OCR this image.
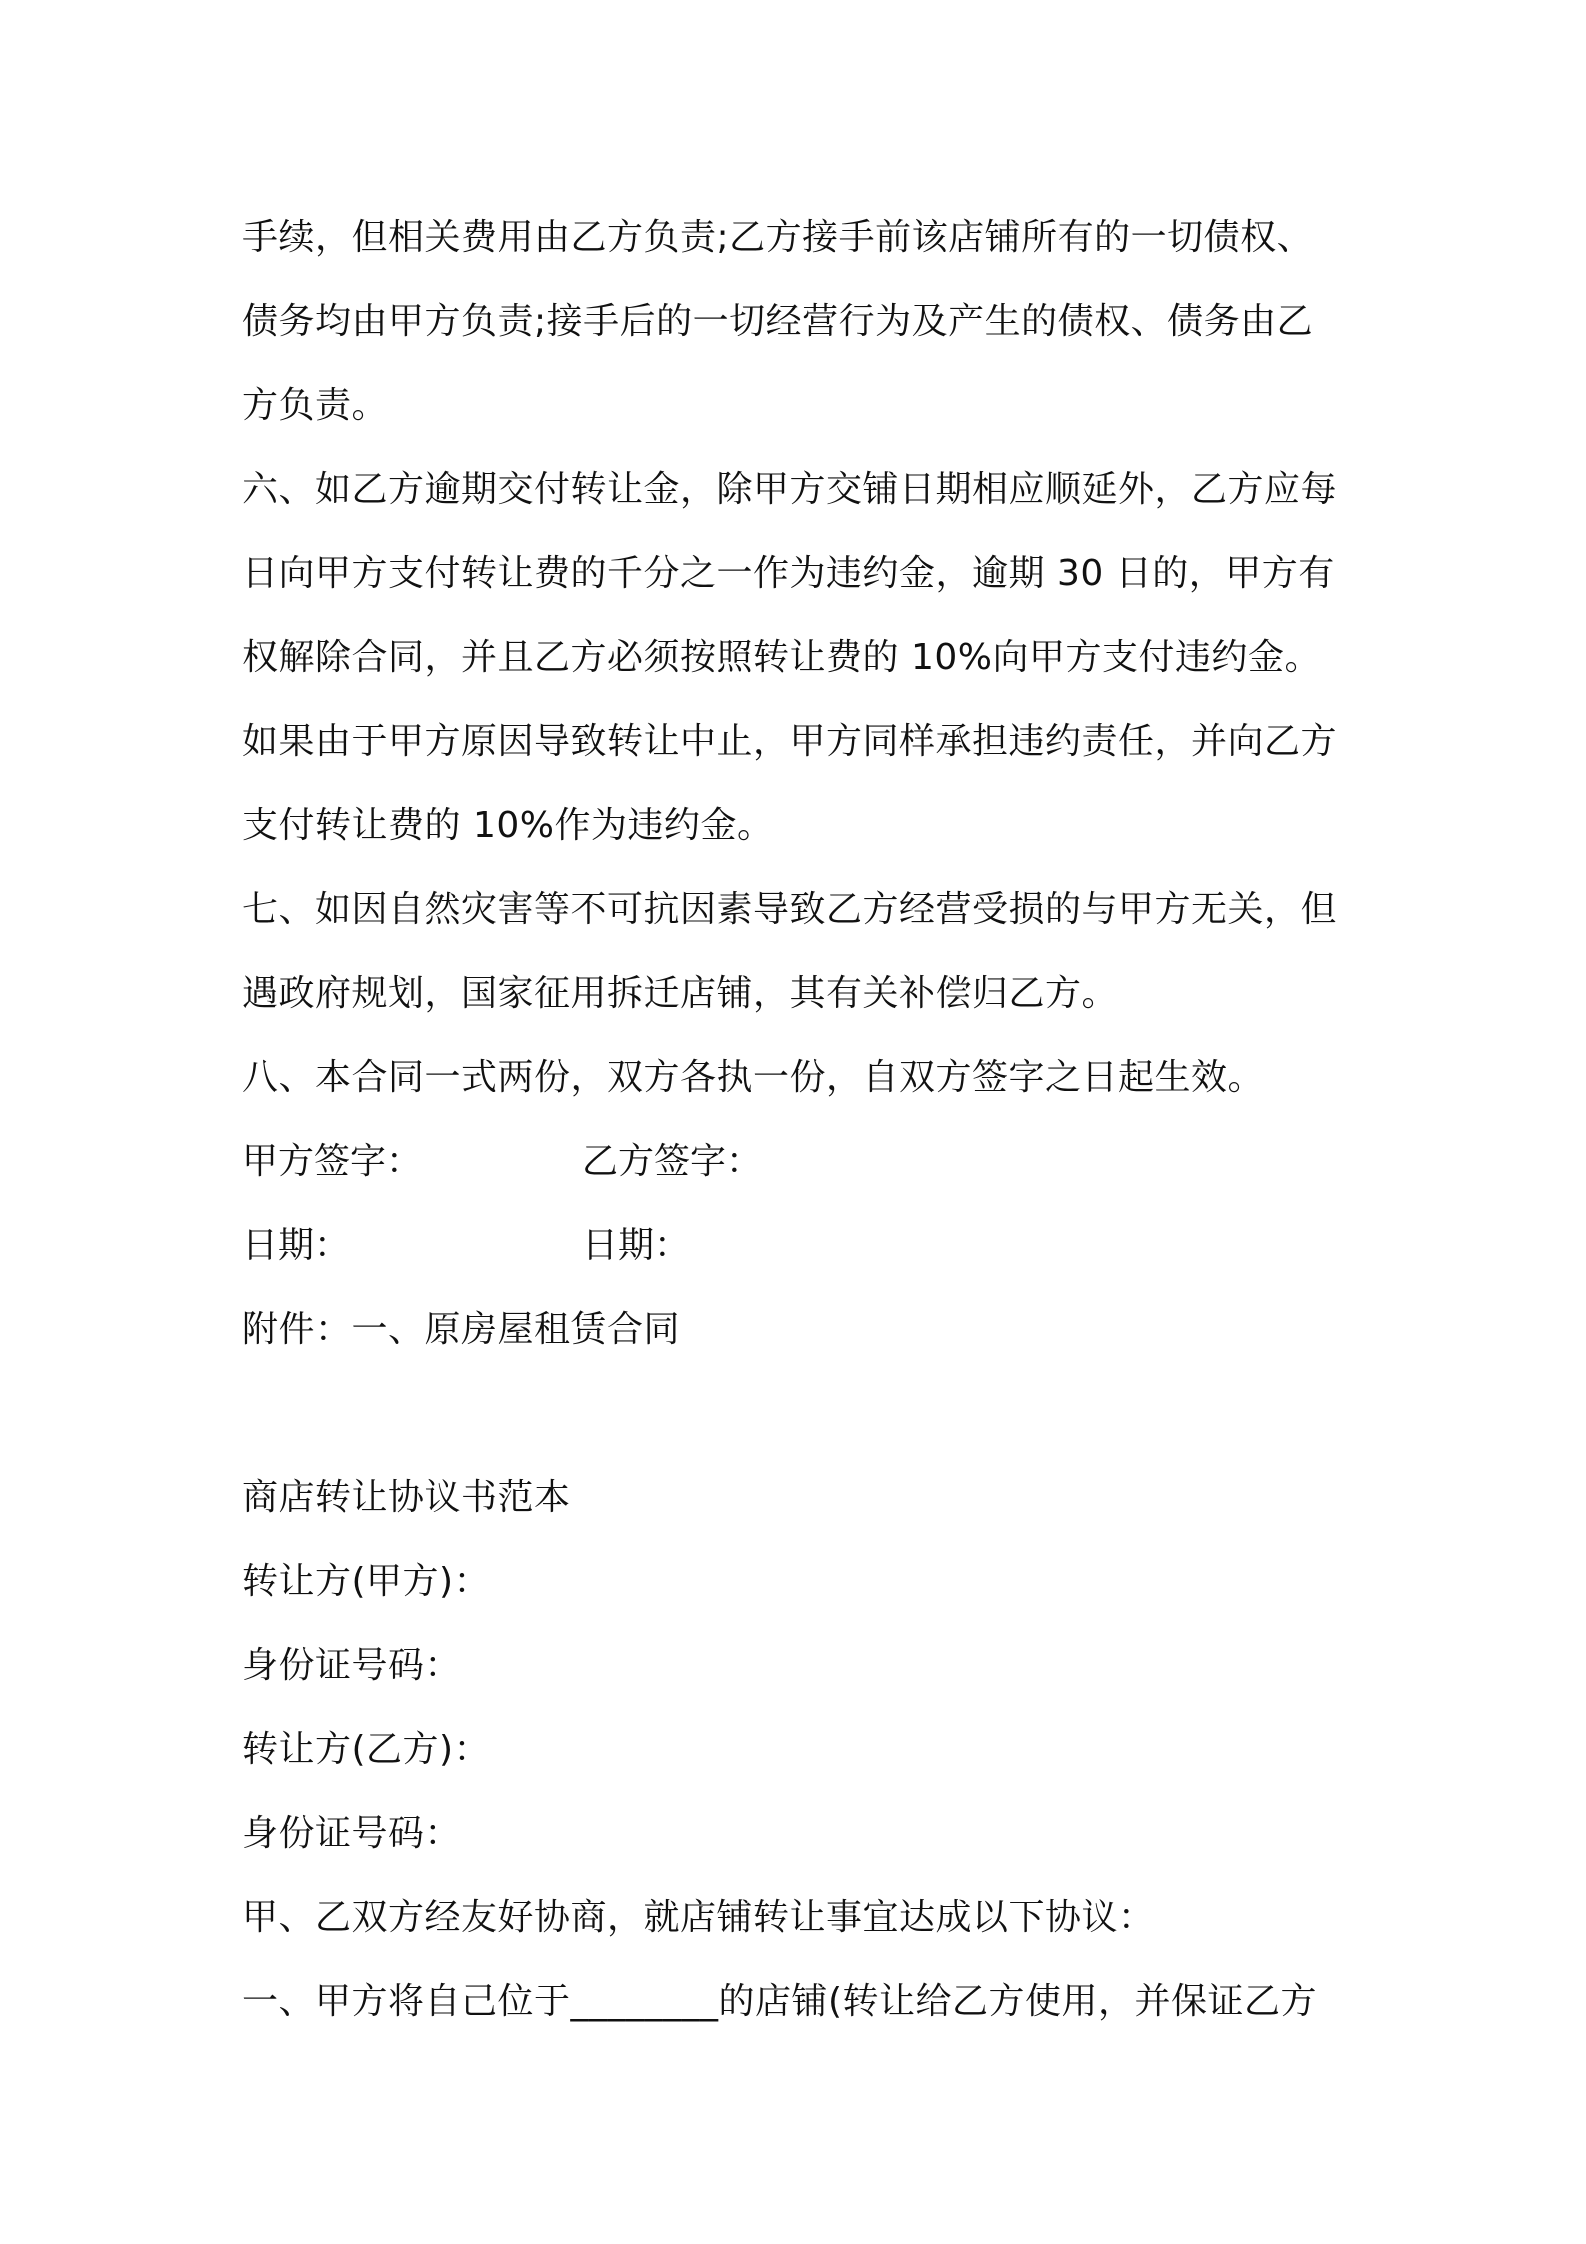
手续，但相关费用由乙方负责;乙方接手前该店铺所有的一切债权、
债务均由甲方负责;接手后的一切经营行为及产生的债权、债务由乙
方负责。
六、如乙方逾期交付转让金，除甲方交铺日期相应顺延外，乙方应每
日向甲方支付转让费的千分之一作为违约金，逾期 30 日的，甲方有
权解除合同，并且乙方必须按照转让费的 10%向甲方支付违约金。
如果由于甲方原因导致转让中止，甲方同样承担违约责任，并向乙方
支付转让费的 10%作为违约金。
七、如因自然灾害等不可抗因素导致乙方经营受损的与甲方无关，但
遇政府规划，国家征用拆迁店铺，其有关补偿归乙方。
八、本合同一式两份，双方各执一份，自双方签字之日起生效。
甲方签字：	乙方签字：
日期：	日期：
附件：一、原房屋租赁合同
商店转让协议书范本
转让方(甲方)：
身份证号码：
转让方(乙方)：
身份证号码：
甲、乙双方经友好协商，就店铺转让事宜达成以下协议：
一、甲方将自己位于________的店铺(转让给乙方使用，并保证乙方
